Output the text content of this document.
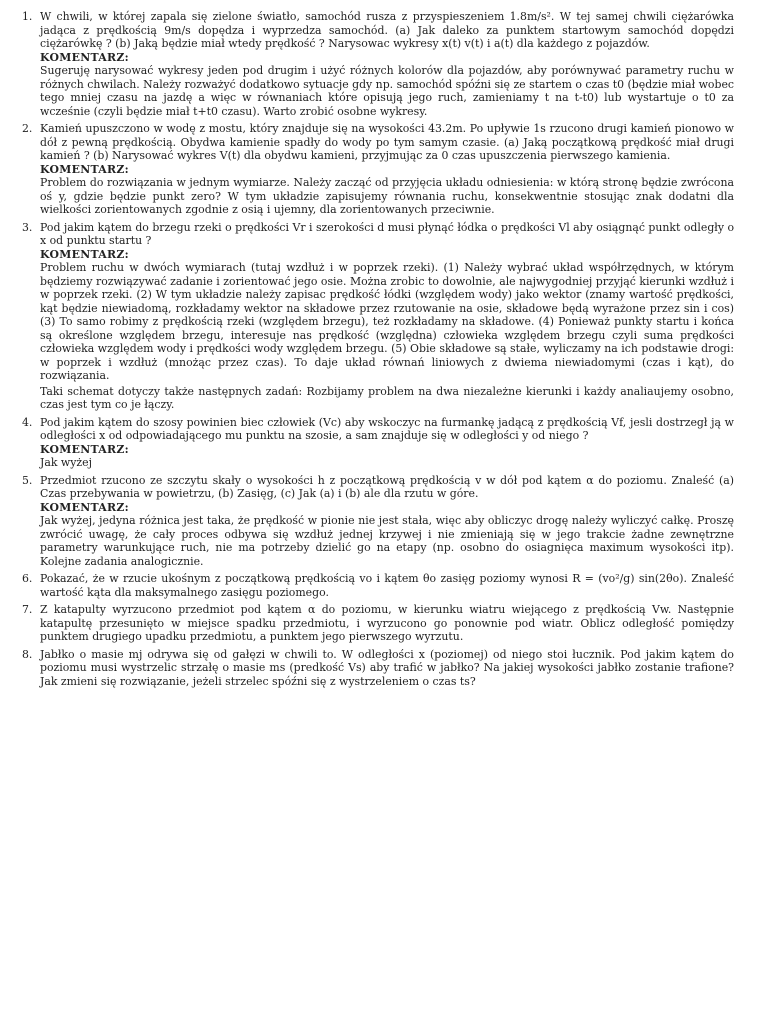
1. W chwili, w której zapala się zielone światło, samochód rusza z przyspieszeniem 1.8m/s². W tej samej chwili ciężarówka jadąca z prędkością 9m/s dopędza i wyprzedza samochód. (a) Jak daleko za punktem startowym samochód dopędzi ciężarówkę ? (b) Jaką będzie miał wtedy prędkość ? Narysowac wykresy x(t) v(t) i a(t) dla każdego z pojazdów.
KOMENTARZ:
Sugeruję narysować wykresy jeden pod drugim i użyć różnych kolorów dla pojazdów, aby porównywać parametry ruchu w różnych chwilach. Należy rozważyć dodatkowo sytuacje gdy np. samochód spóźni się ze startem o czas t0 (będzie miał wobec tego mniej czasu na jazdę a więc w równaniach które opisują jego ruch, zamieniamy t na t-t0) lub wystartuje o t0 za wcześnie (czyli będzie miał t+t0 czasu). Warto zrobić osobne wykresy.
2. Kamień upuszczono w wodę z mostu, który znajduje się na wysokości 43.2m. Po upływie 1s rzucono drugi kamień pionowo w dół z pewną prędkością. Obydwa kamienie spadły do wody po tym samym czasie. (a) Jaką początkową prędkość miał drugi kamień ? (b) Narysować wykres V(t) dla obydwu kamieni, przyjmując za 0 czas upuszczenia pierwszego kamienia.
KOMENTARZ:
Problem do rozwiązania w jednym wymiarze. Należy zacząć od przyjęcia układu odniesienia: w którą stronę będzie zwrócona oś y, gdzie będzie punkt zero? W tym układzie zapisujemy równania ruchu, konsekwentnie stosując znak dodatni dla wielkości zorientowanych zgodnie z osią i ujemny, dla zorientowanych przeciwnie.
3. Pod jakim kątem do brzegu rzeki o prędkości Vr i szerokości d musi płynąć łódka o prędkości Vl aby osiągnąć punkt odległy o x od punktu startu ?
KOMENTARZ:
Problem ruchu w dwóch wymiarach (tutaj wzdłuż i w poprzek rzeki). (1) Należy wybrać układ współrzędnych, w którym będziemy rozwiązywać zadanie i zorientować jego osie. Można zrobic to dowolnie, ale najwygodniej przyjąć kierunki wzdłuż i w poprzek rzeki. (2) W tym układzie należy zapisac prędkość łódki (względem wody) jako wektor (znamy wartość prędkości, kąt będzie niewiadomą, rozkładamy wektor na składowe przez rzutowanie na osie, składowe będą wyrażone przez sin i cos) (3) To samo robimy z prędkością rzeki (względem brzegu), też rozkładamy na składowe. (4) Ponieważ punkty startu i końca są określone względem brzegu, interesuje nas prędkość (względna) człowieka względem brzegu czyli suma prędkości człowieka względem wody i prędkości wody względem brzegu. (5) Obie składowe są stałe, wyliczamy na ich podstawie drogi: w poprzek i wzdłuż (mnożąc przez czas). To daje układ równań liniowych z dwiema niewiadomymi (czas i kąt), do rozwiązania.
Taki schemat dotyczy także następnych zadań: Rozbijamy problem na dwa niezależne kierunki i każdy analiaujemy osobno, czas jest tym co je łączy.
4. Pod jakim kątem do szosy powinien biec człowiek (Vc) aby wskoczyc na furmankę jadącą z prędkością Vf, jesli dostrzegł ją w odległości x od odpowiadającego mu punktu na szosie, a sam znajduje się w odległości y od niego ?
KOMENTARZ:
Jak wyżej
5. Przedmiot rzucono ze szczytu skały o wysokości h z początkową prędkością v w dół pod kątem α do poziomu. Znaleść (a) Czas przebywania w powietrzu, (b) Zasięg, (c) Jak (a) i (b) ale dla rzutu w góre.
KOMENTARZ:
Jak wyżej, jedyna różnica jest taka, że prędkość w pionie nie jest stała, więc aby obliczyc drogę należy wyliczyć całkę. Proszę zwrócić uwagę, że cały proces odbywa się wzdłuż jednej krzywej i nie zmieniają się w jego trakcie żadne zewnętrzne parametry warunkujące ruch, nie ma potrzeby dzielić go na etapy (np. osobno do osiagnięca maximum wysokości itp). Kolejne zadania analogicznie.
6. Pokazać, że w rzucie ukośnym z początkową prędkością vo i kątem θo zasięg poziomy wynosi R = (vo²/g) sin(2θo). Znaleść wartość kąta dla maksymalnego zasięgu poziomego.
7. Z katapulty wyrzucono przedmiot pod kątem α do poziomu, w kierunku wiatru wiejącego z prędkością Vw. Następnie katapultę przesunięto w miejsce spadku przedmiotu, i wyrzucono go ponownie pod wiatr. Oblicz odległość pomiędzy punktem drugiego upadku przedmiotu, a punktem jego pierwszego wyrzutu.
8. Jabłko o masie mj odrywa się od gałęzi w chwili to. W odległości x (poziomej) od niego stoi łucznik. Pod jakim kątem do poziomu musi wystrzelic strzałę o masie ms (predkość Vs) aby trafić w jabłko? Na jakiej wysokości jabłko zostanie trafione? Jak zmieni się rozwiązanie, jeżeli strzelec spóźni się z wystrzeleniem o czas ts?
